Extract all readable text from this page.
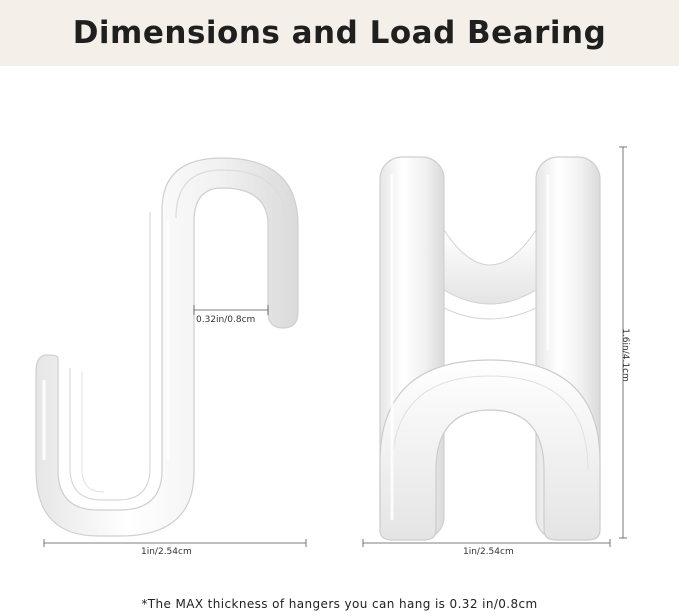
Dimensions and Load Bearing
0.32in/0.8cm
1in/2.54cm	1in/2.54cm
1.6in/4.1cm
*The MAX thickness of hangers you can hang is 0.32 in/0.8cm
